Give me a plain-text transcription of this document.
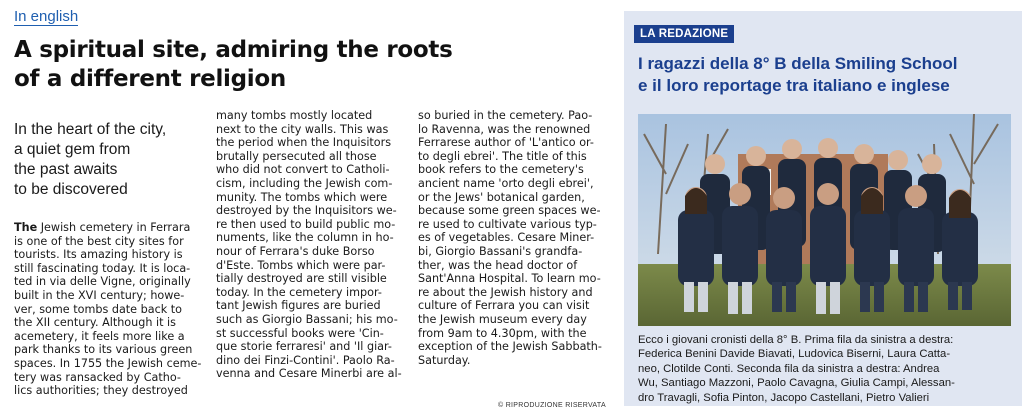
In english
A spiritual site, admiring the roots
of a different religion
In the heart of the city,
a quiet gem from
the past awaits
to be discovered
The Jewish cemetery in Ferrara
is one of the best city sites for
tourists. Its amazing history is
still fascinating today. It is loca-
ted in via delle Vigne, originally
built in the XVI century; howe-
ver, some tombs date back to
the XII century. Although it is
acemetery, it feels more like a
park thanks to its various green
spaces. In 1755 the Jewish ceme-
tery was ransacked by Catho-
lics authorities; they destroyed
many tombs mostly located
next to the city walls. This was
the period when the Inquisitors
brutally persecuted all those
who did not convert to Catholi-
cism, including the Jewish com-
munity. The tombs which were
destroyed by the Inquisitors we-
re then used to build public mo-
numents, like the column in ho-
nour of Ferrara's duke Borso
d'Este. Tombs which were par-
tially destroyed are still visible
today. In the cemetery impor-
tant Jewish figures are buried
such as Giorgio Bassani; his mo-
st successful books were 'Cin-
que storie ferraresi' and 'Il giar-
dino dei Finzi-Contini'. Paolo Ra-
venna and Cesare Minerbi are al-
so buried in the cemetery. Pao-
lo Ravenna, was the renowned
Ferrarese author of 'L'antico or-
to degli ebrei'. The title of this
book refers to the cemetery's
ancient name 'orto degli ebrei',
or the Jews' botanical garden,
because some green spaces we-
re used to cultivate various typ-
es of vegetables. Cesare Miner-
bi, Giorgio Bassani's grandfa-
ther, was the head doctor of
Sant'Anna Hospital. To learn mo-
re about the Jewish history and
culture of Ferrara you can visit
the Jewish museum every day
from 9am to 4.30pm, with the
exception of the Jewish Sabbath-
Saturday.
© RIPRODUZIONE RISERVATA
LA REDAZIONE
I ragazzi della 8° B della Smiling School
e il loro reportage tra italiano e inglese
Ecco i giovani cronisti della 8° B. Prima fila da sinistra a destra:
Federica Benini Davide Biavati, Ludovica Biserni, Laura Catta-
neo, Clotilde Conti. Seconda fila da sinistra a destra: Andrea
Wu, Santiago Mazzoni, Paolo Cavagna, Giulia Campi, Alessan-
dro Travagli, Sofia Pinton, Jacopo Castellani, Pietro Valieri
